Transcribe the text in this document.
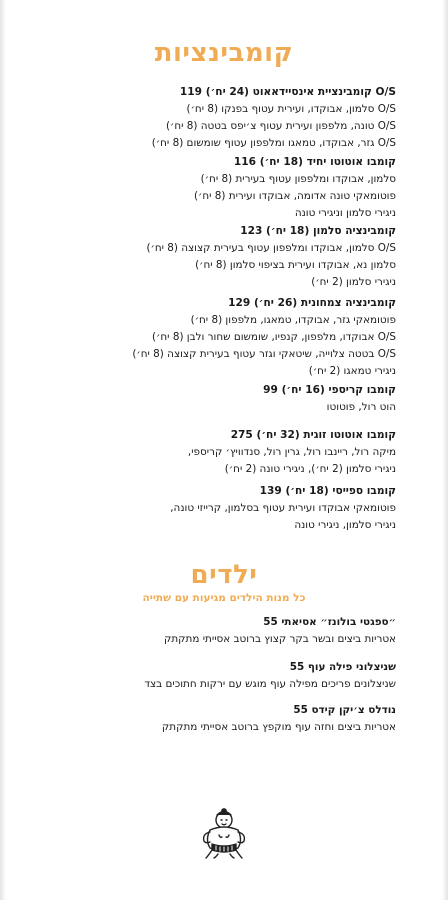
קומבינציות
O/S קומבינציית אינסיידאאוט (24 יח׳) 119
O/S סלמון, אבוקדו, ועירית עטוף בפנקו (8 יח׳)
O/S טונה, מלפפון ועירית עטוף צ׳יפס בטטה (8 יח׳)
O/S גזר, אבוקדו, טמאגו ומלפפון עטוף שומשום (8 יח׳)
קומבו אוטוטו יחיד (18 יח׳) 116
סלמון, אבוקדו ומלפפון עטוף בעירית (8 יח׳)
פוטומאקי טונה אדומה, אבוקדו ועירית (8 יח׳)
ניגירי סלמון וניגירי טונה
קומבינציה סלמון (18 יח׳) 123
O/S סלמון, אבוקדו ומלפפון עטוף בעירית קצוצה (8 יח׳)
סלמון נא, אבוקדו ועירית בציפוי סלמון (8 יח׳)
ניגירי סלמון (2 יח׳)
קומבינציה צמחונית (26 יח׳) 129
פוטומאקי גזר, אבוקדו, טמאגו, מלפפון (8 יח׳)
O/S אבוקדו, מלפפון, קנפיו, שומשום שחור ולבן (8 יח׳)
O/S בטטה צלוייה, שיטאקי וגזר עטוף בעירית קצוצה (8 יח׳)
ניגירי טמאגו (2 יח׳)
קומבו קריספי (16 יח׳) 99
הוט רול, פוטוטו
קומבו אוטוטו זוגית (32 יח׳) 275
מיקה רול, ריינבו רול, גרין רול, סנדוויץ׳ קריספי,
ניגירי סלמון (2 יח׳), ניגירי טונה (2 יח׳)
קומבו ספייסי (18 יח׳) 139
פוטומאקי אבוקדו ועירית עטוף בסלמון, קרייזי טונה,
ניגירי סלמון, ניגירי טונה
ילדים
כל מנות הילדים מגיעות עם שתייה
״ספגטי בולונז״ אסיאתי 55
אטריות ביצים ובשר בקר קצוץ ברוטב אסייתי מתקתק
שניצלוני פילה עוף 55
שניצלונים פריכים מפילה עוף מוגש עם ירקות חתוכים בצד
נודלס צ׳יקן קידס 55
אטריות ביצים וחזה עוף מוקפץ ברוטב אסייתי מתקתק
